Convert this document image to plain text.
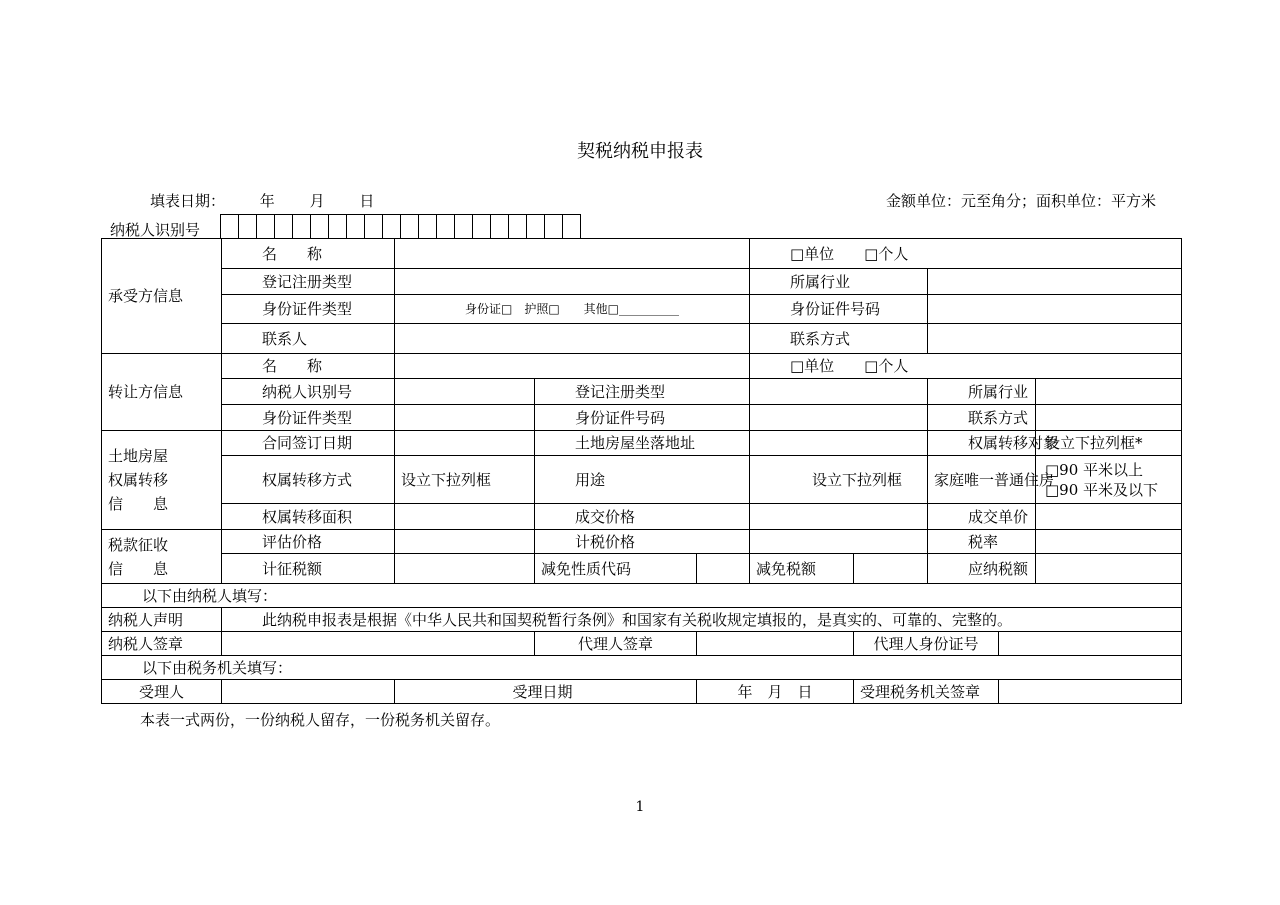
契税纳税申报表
填表日期： 年 月 日	金额单位：元至角分；面积单位：平方米
纳税人识别号
承受方信息	名　　称				□单位　　□个人				
	登记注册类型				所属行业				
	身份证件类型	身份证□　护照□　　其他□__________			身份证件号码				
	联系人				联系方式				
转让方信息	名　　称				□单位　　□个人				
	纳税人识别号		登记注册类型				所属行业		
	身份证件类型		身份证件号码				联系方式		

土地房屋
权属转移
信　　息	合同签订日期		土地房屋坐落地址				权属转移对象		设立下拉列框*
	权属转移方式	设立下拉列框	用途		设立下拉列框		家庭唯一普通住房		□90 平米以上
□90 平米及以下

	权属转移面积		成交价格				成交单价		

税款征收
信　　息	评估价格		计税价格				税率		
	计征税额		减免性质代码		减免税额		应纳税额		
以下由纳税人填写：									
纳税人声明	此纳税申报表是根据《中华人民共和国契税暂行条例》和国家有关税收规定填报的，是真实的、可靠的、完整的。								
纳税人签章			代理人签章			代理人身份证号			
以下由税务机关填写：									
受理人		受理日期		年　月　日		受理税务机关签章			
本表一式两份，一份纳税人留存，一份税务机关留存。
1
